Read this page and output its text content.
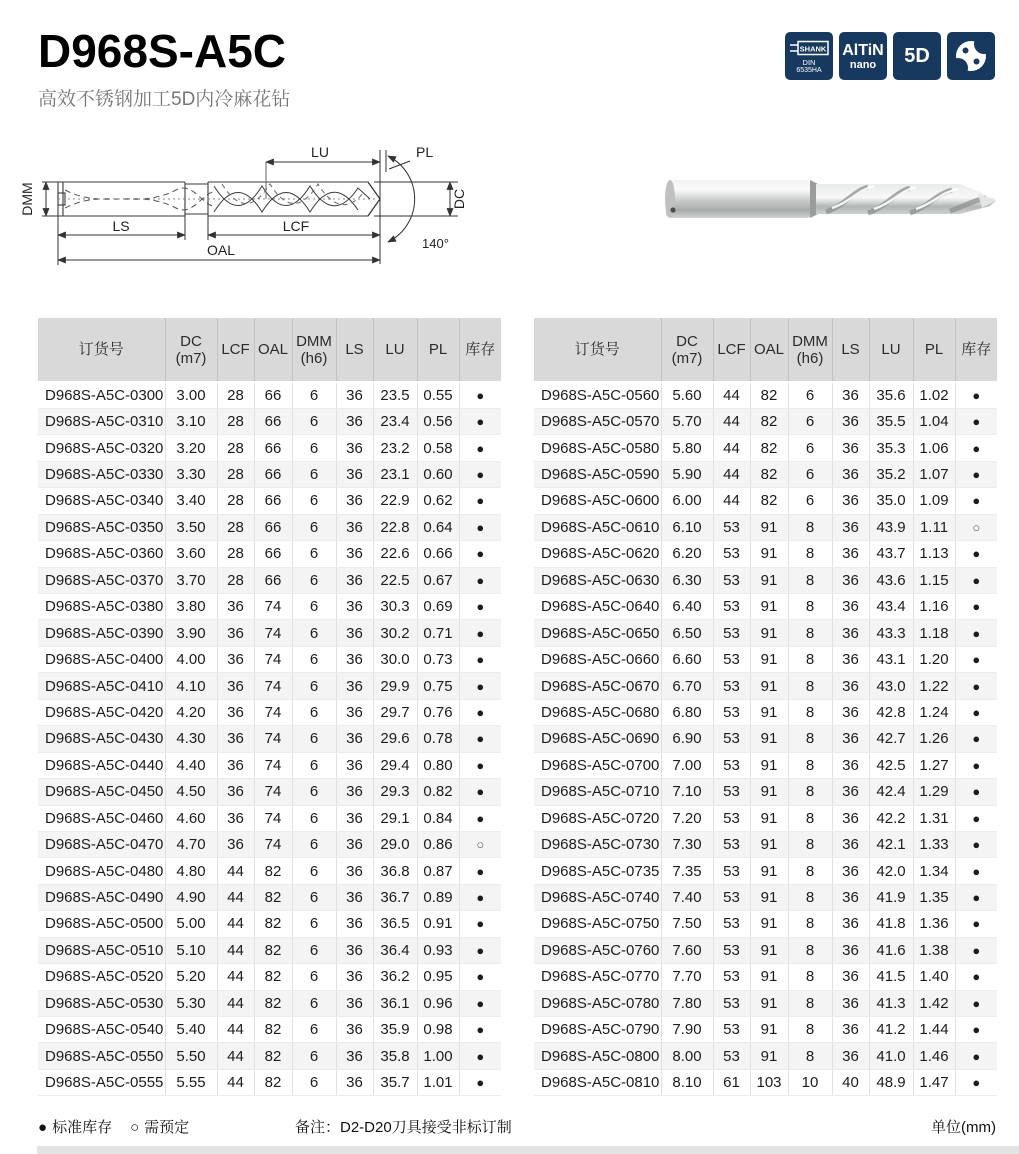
D968S-A5C
高效不锈钢加工5D内冷麻花钻
SHANK
DIN
6535HA
AlTiN
nano 5D
LU	PL
DMM	DC
LS	LCF
OAL	140°
订货号	DC
(m7)	LCF	OAL	DMM
(h6)	LS	LU	PL	库存
D968S-A5C-0300	3.00	28	66	6	36	23.5	0.55	●
D968S-A5C-0310	3.10	28	66	6	36	23.4	0.56	●
D968S-A5C-0320	3.20	28	66	6	36	23.2	0.58	●
D968S-A5C-0330	3.30	28	66	6	36	23.1	0.60	●
D968S-A5C-0340	3.40	28	66	6	36	22.9	0.62	●
D968S-A5C-0350	3.50	28	66	6	36	22.8	0.64	●
D968S-A5C-0360	3.60	28	66	6	36	22.6	0.66	●
D968S-A5C-0370	3.70	28	66	6	36	22.5	0.67	●
D968S-A5C-0380	3.80	36	74	6	36	30.3	0.69	●
D968S-A5C-0390	3.90	36	74	6	36	30.2	0.71	●
D968S-A5C-0400	4.00	36	74	6	36	30.0	0.73	●
D968S-A5C-0410	4.10	36	74	6	36	29.9	0.75	●
D968S-A5C-0420	4.20	36	74	6	36	29.7	0.76	●
D968S-A5C-0430	4.30	36	74	6	36	29.6	0.78	●
D968S-A5C-0440	4.40	36	74	6	36	29.4	0.80	●
D968S-A5C-0450	4.50	36	74	6	36	29.3	0.82	●
D968S-A5C-0460	4.60	36	74	6	36	29.1	0.84	●
D968S-A5C-0470	4.70	36	74	6	36	29.0	0.86	○
D968S-A5C-0480	4.80	44	82	6	36	36.8	0.87	●
D968S-A5C-0490	4.90	44	82	6	36	36.7	0.89	●
D968S-A5C-0500	5.00	44	82	6	36	36.5	0.91	●
D968S-A5C-0510	5.10	44	82	6	36	36.4	0.93	●
D968S-A5C-0520	5.20	44	82	6	36	36.2	0.95	●
D968S-A5C-0530	5.30	44	82	6	36	36.1	0.96	●
D968S-A5C-0540	5.40	44	82	6	36	35.9	0.98	●
D968S-A5C-0550	5.50	44	82	6	36	35.8	1.00	●
D968S-A5C-0555	5.55	44	82	6	36	35.7	1.01	●
订货号	DC
(m7)	LCF	OAL	DMM
(h6)	LS	LU	PL	库存
D968S-A5C-0560	5.60	44	82	6	36	35.6	1.02	●
D968S-A5C-0570	5.70	44	82	6	36	35.5	1.04	●
D968S-A5C-0580	5.80	44	82	6	36	35.3	1.06	●
D968S-A5C-0590	5.90	44	82	6	36	35.2	1.07	●
D968S-A5C-0600	6.00	44	82	6	36	35.0	1.09	●
D968S-A5C-0610	6.10	53	91	8	36	43.9	1.11	○
D968S-A5C-0620	6.20	53	91	8	36	43.7	1.13	●
D968S-A5C-0630	6.30	53	91	8	36	43.6	1.15	●
D968S-A5C-0640	6.40	53	91	8	36	43.4	1.16	●
D968S-A5C-0650	6.50	53	91	8	36	43.3	1.18	●
D968S-A5C-0660	6.60	53	91	8	36	43.1	1.20	●
D968S-A5C-0670	6.70	53	91	8	36	43.0	1.22	●
D968S-A5C-0680	6.80	53	91	8	36	42.8	1.24	●
D968S-A5C-0690	6.90	53	91	8	36	42.7	1.26	●
D968S-A5C-0700	7.00	53	91	8	36	42.5	1.27	●
D968S-A5C-0710	7.10	53	91	8	36	42.4	1.29	●
D968S-A5C-0720	7.20	53	91	8	36	42.2	1.31	●
D968S-A5C-0730	7.30	53	91	8	36	42.1	1.33	●
D968S-A5C-0735	7.35	53	91	8	36	42.0	1.34	●
D968S-A5C-0740	7.40	53	91	8	36	41.9	1.35	●
D968S-A5C-0750	7.50	53	91	8	36	41.8	1.36	●
D968S-A5C-0760	7.60	53	91	8	36	41.6	1.38	●
D968S-A5C-0770	7.70	53	91	8	36	41.5	1.40	●
D968S-A5C-0780	7.80	53	91	8	36	41.3	1.42	●
D968S-A5C-0790	7.90	53	91	8	36	41.2	1.44	●
D968S-A5C-0800	8.00	53	91	8	36	41.0	1.46	●
D968S-A5C-0810	8.10	61	103	10	40	48.9	1.47	●
● 标准库存 ○ 需预定	备注：D2-D20刀具接受非标订制	单位(mm)
